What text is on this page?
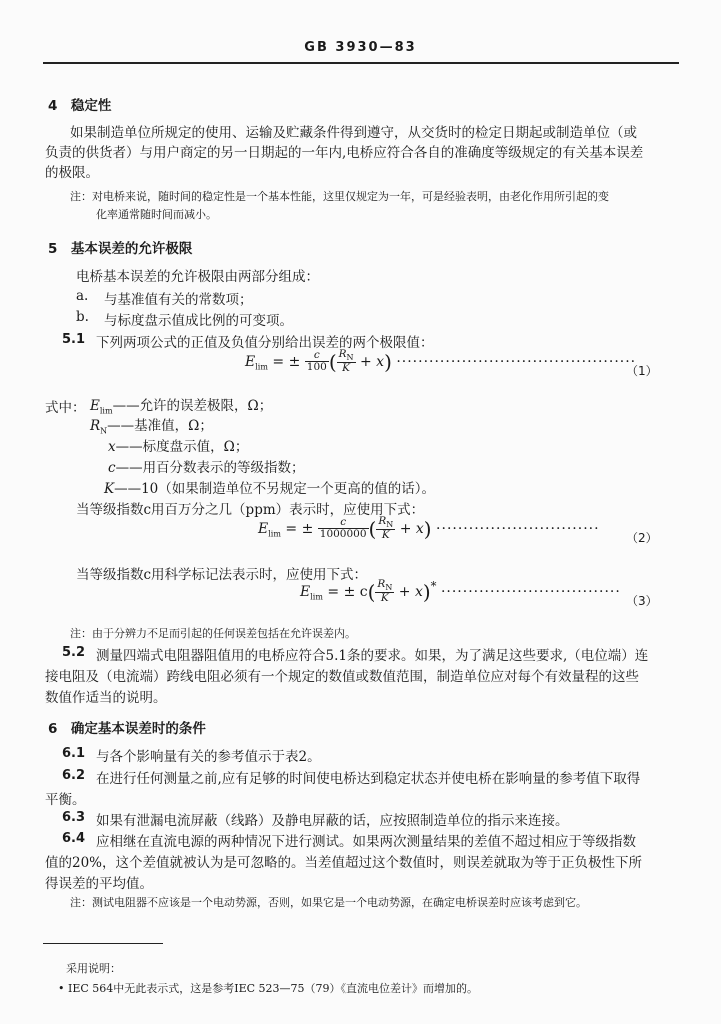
GB 3930—83
4　稳定性
如果制造单位所规定的使用、运输及贮藏条件得到遵守，从交货时的检定日期起或制造单位（或
负责的供货者）与用户商定的另一日期起的一年内,电桥应符合各自的准确度等级规定的有关基本误差
的极限。
注：对电桥来说，随时间的稳定性是一个基本性能，这里仅规定为一年，可是经验表明，由老化作用所引起的变
化率通常随时间而减小。
5　基本误差的允许极限
电桥基本误差的允许极限由两部分组成：
a. 与基准值有关的常数项；
b. 与标度盘示值成比例的可变项。
5.1 下列两项公式的正值及负值分别给出误差的两个极限值：
$E_{lim}$ = ± $\frac{c}{100}$ ( $\frac{R_N}{K} + x$) ············································
（1）
式中： $E_{lim}——$允许的误差极限，Ω；
$R_N——$基准值，Ω；
x——标度盘示值，Ω；
c——用百分数表示的等级指数；
K——10（如果制造单位不另规定一个更高的值的话）。
当等级指数c用百万分之几（ppm）表示时，应使用下式：
$E_{lim}$ = ± $\frac{c}{1000000}$ ( $\frac{R_N}{K} + x$) ······························
（2）
当等级指数c用科学标记法表示时，应使用下式：
$E_{lim}$ = ± $c( \frac{R_N}{K} + x)^*$ ·································
（3）
注：由于分辨力不足而引起的任何误差包括在允许误差内。
5.2 测量四端式电阻器阻值用的电桥应符合5.1条的要求。如果，为了满足这些要求,（电位端）连
接电阻及（电流端）跨线电阻必须有一个规定的数值或数值范围，制造单位应对每个有效量程的这些
数值作适当的说明。
6　确定基本误差时的条件
6.1 与各个影响量有关的参考值示于表2。
6.2 在进行任何测量之前,应有足够的时间使电桥达到稳定状态并使电桥在影响量的参考值下取得
平衡。
6.3 如果有泄漏电流屏蔽（线路）及静电屏蔽的话，应按照制造单位的指示来连接。
6.4 应相继在直流电源的两种情况下进行测试。如果两次测量结果的差值不超过相应于等级指数
值的20%，这个差值就被认为是可忽略的。当差值超过这个数值时，则误差就取为等于正负极性下所
得误差的平均值。
注：测试电阻器不应该是一个电动势源，否则，如果它是一个电动势源，在确定电桥误差时应该考虑到它。
采用说明：
• IEC 564中无此表示式，这是参考IEC 523—75（79）《直流电位差计》而增加的。
